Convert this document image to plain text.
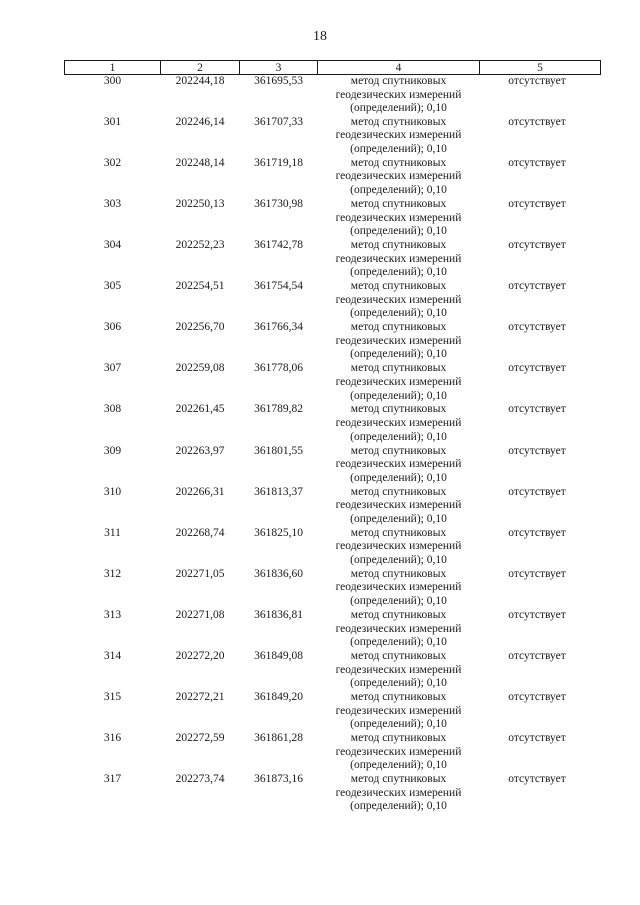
18
1	2	3	4	5
300	202244,18	361695,53	метод спутниковых геодезических измерений (определений); 0,10	отсутствует
301	202246,14	361707,33	метод спутниковых геодезических измерений (определений); 0,10	отсутствует
302	202248,14	361719,18	метод спутниковых геодезических измерений (определений); 0,10	отсутствует
303	202250,13	361730,98	метод спутниковых геодезических измерений (определений); 0,10	отсутствует
304	202252,23	361742,78	метод спутниковых геодезических измерений (определений); 0,10	отсутствует
305	202254,51	361754,54	метод спутниковых геодезических измерений (определений); 0,10	отсутствует
306	202256,70	361766,34	метод спутниковых геодезических измерений (определений); 0,10	отсутствует
307	202259,08	361778,06	метод спутниковых геодезических измерений (определений); 0,10	отсутствует
308	202261,45	361789,82	метод спутниковых геодезических измерений (определений); 0,10	отсутствует
309	202263,97	361801,55	метод спутниковых геодезических измерений (определений); 0,10	отсутствует
310	202266,31	361813,37	метод спутниковых геодезических измерений (определений); 0,10	отсутствует
311	202268,74	361825,10	метод спутниковых геодезических измерений (определений); 0,10	отсутствует
312	202271,05	361836,60	метод спутниковых геодезических измерений (определений); 0,10	отсутствует
313	202271,08	361836,81	метод спутниковых геодезических измерений (определений); 0,10	отсутствует
314	202272,20	361849,08	метод спутниковых геодезических измерений (определений); 0,10	отсутствует
315	202272,21	361849,20	метод спутниковых геодезических измерений (определений); 0,10	отсутствует
316	202272,59	361861,28	метод спутниковых геодезических измерений (определений); 0,10	отсутствует
317	202273,74	361873,16	метод спутниковых геодезических измерений (определений); 0,10	отсутствует
